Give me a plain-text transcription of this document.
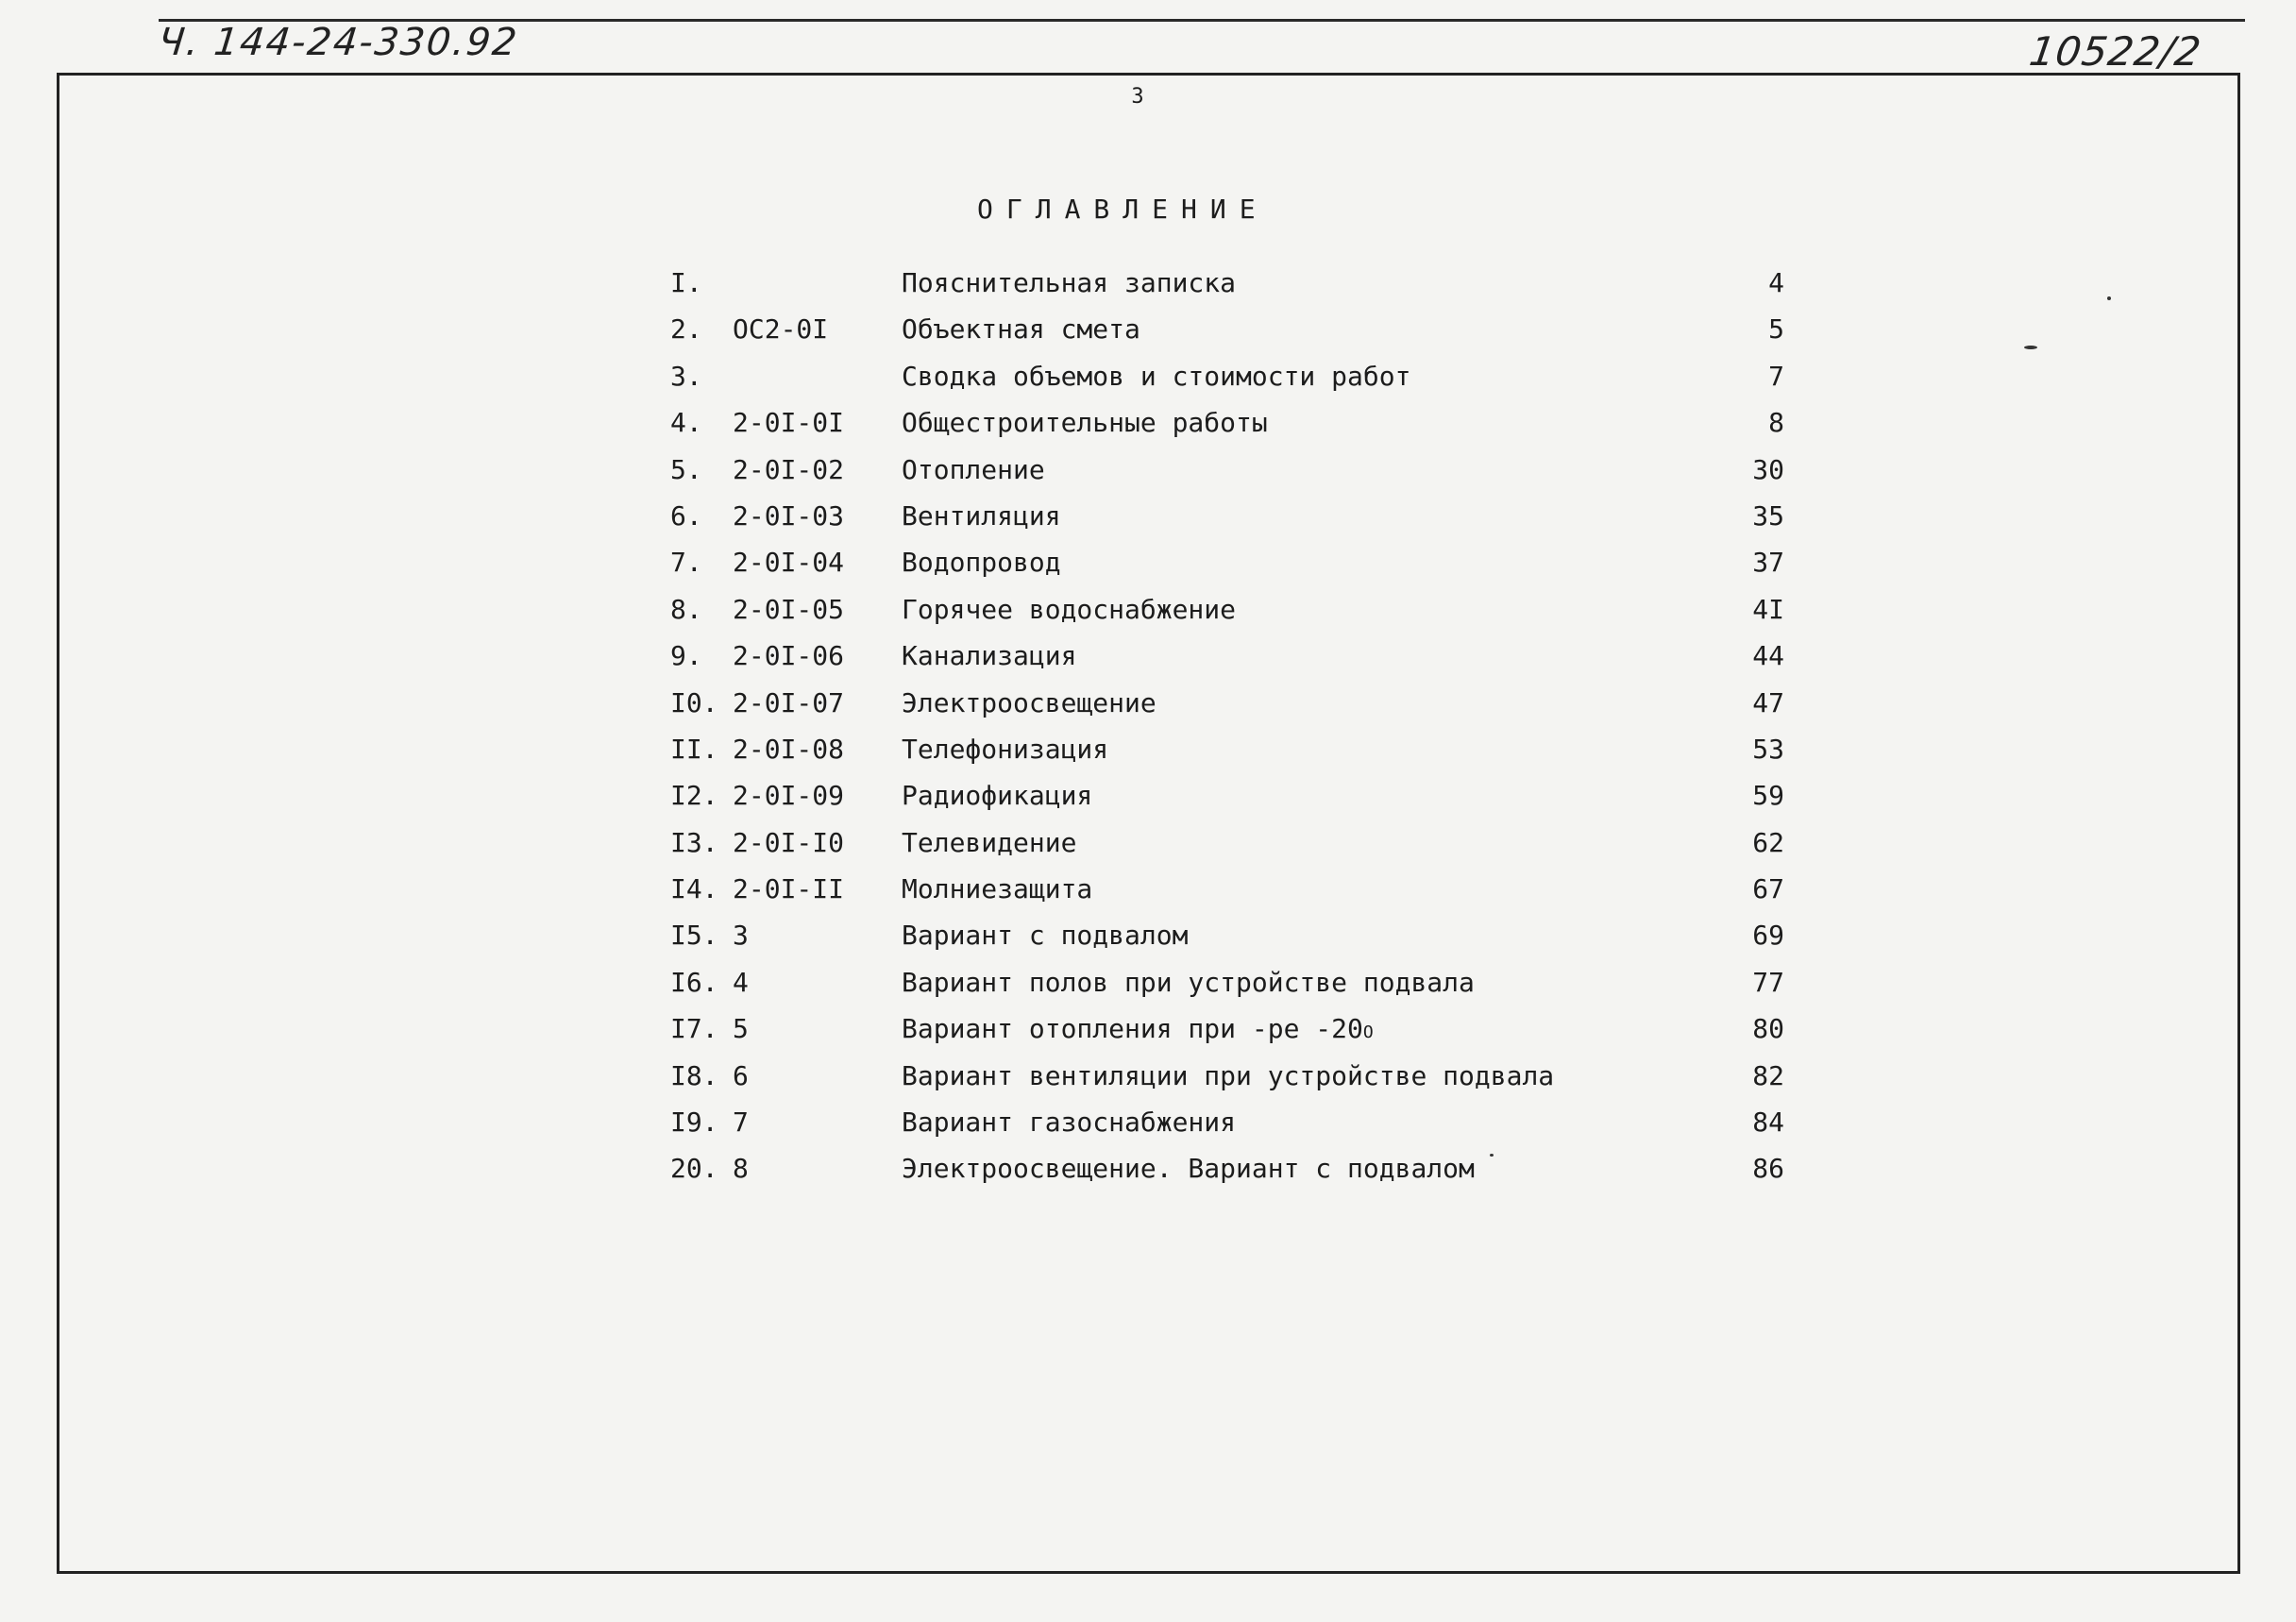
Ч. 144-24-330.92	10522/2
3
ОГЛАВЛЕНИЕ
I.	Пояснительная записка	4
2. ОС2-0I	Объектная смета	5
3.	Сводка объемов и стоимости работ	7
4. 2-0I-0I Общестроительные работы	8
5. 2-0I-02 Отопление	30
6. 2-0I-03 Вентиляция	35
7. 2-0I-04 Водопровод	37
8. 2-0I-05 Горячее водоснабжение	4I
9. 2-0I-06 Канализация	44
I0. 2-0I-07 Электроосвещение	47
II. 2-0I-08 Телефонизация	53
I2. 2-0I-09 Радиофикация	59
I3. 2-0I-I0 Телевидение	62
I4. 2-0I-II Молниезащита	67
I5. 3	Вариант с подвалом	69
I6. 4	Вариант полов при устройстве подвала	77
I7. 5	Вариант отопления при -ре -20О	80
I8. 6	Вариант вентиляции при устройстве подвала	82
I9. 7	Вариант газоснабжения	84
20. 8	Электроосвещение. Вариант с подвалом	86
